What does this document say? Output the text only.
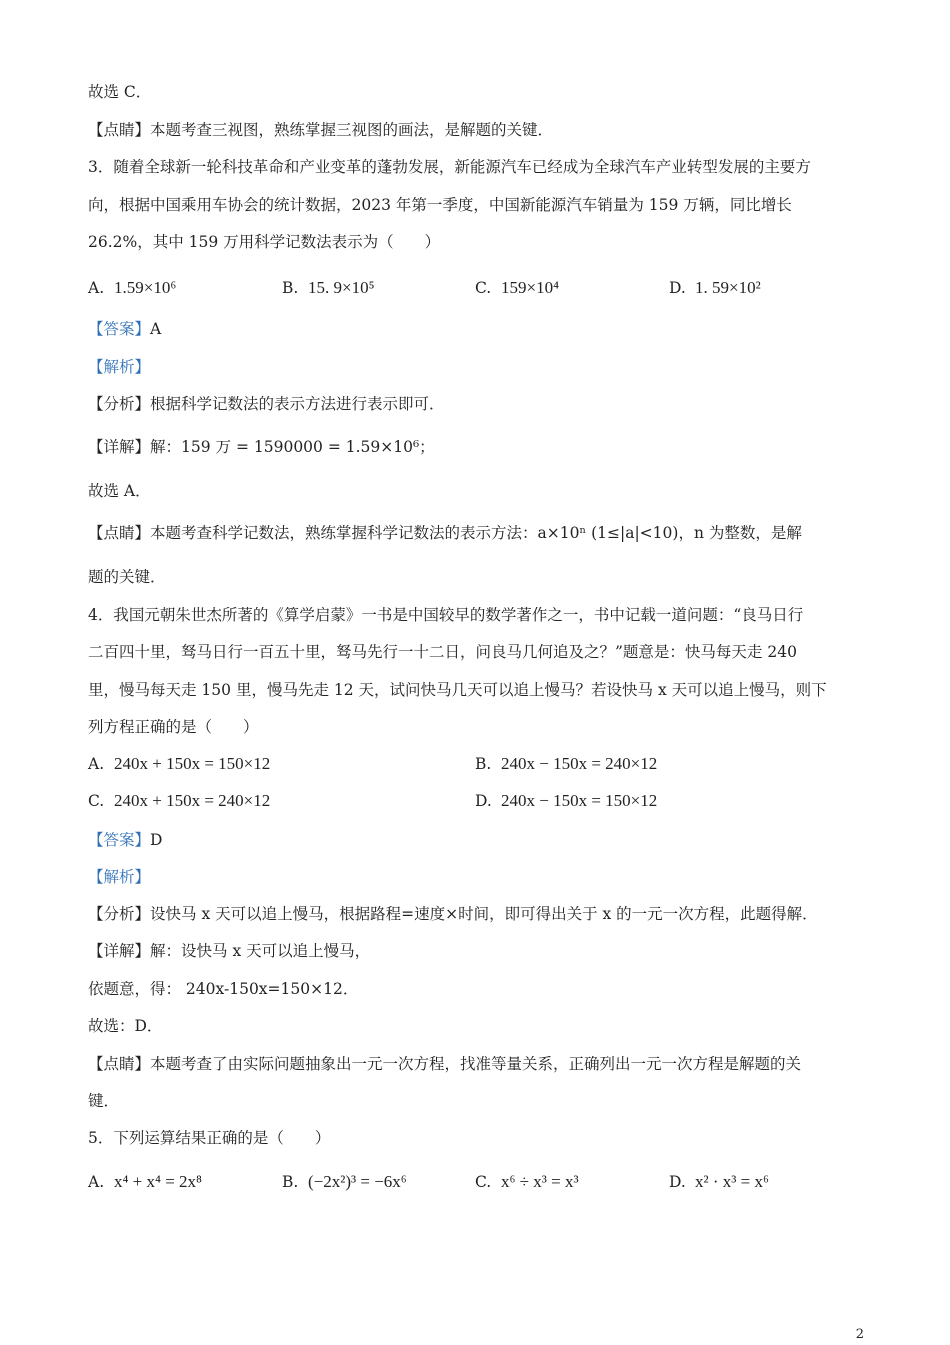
故选 C．
【点睛】本题考查三视图，熟练掌握三视图的画法，是解题的关键．
3．随着全球新一轮科技革命和产业变革的蓬勃发展，新能源汽车已经成为全球汽车产业转型发展的主要方
向，根据中国乘用车协会的统计数据，2023 年第一季度，中国新能源汽车销量为 159 万辆，同比增长
26.2%，其中 159 万用科学记数法表示为（　　）
A. 1.59×10⁶	B. 15. 9×10⁵	C. 159×10⁴	D. 1. 59×10²
【答案】A
【解析】
【分析】根据科学记数法的表示方法进行表示即可．
【详解】解：159 万 = 1590000 = 1.59×10⁶；
故选 A．
【点睛】本题考查科学记数法，熟练掌握科学记数法的表示方法：a×10ⁿ (1≤|a|<10)，n 为整数，是解
题的关键．
4．我国元朝朱世杰所著的《算学启蒙》一书是中国较早的数学著作之一，书中记载一道问题：“良马日行
二百四十里，驽马日行一百五十里，驽马先行一十二日，问良马几何追及之？”题意是：快马每天走 240
里，慢马每天走 150 里，慢马先走 12 天，试问快马几天可以追上慢马？若设快马 x 天可以追上慢马，则下
列方程正确的是（　　）
A. 240x + 150x = 150×12	B. 240x − 150x = 240×12
C. 240x + 150x = 240×12	D. 240x − 150x = 150×12
【答案】D
【解析】
【分析】设快马 x 天可以追上慢马，根据路程=速度×时间，即可得出关于 x 的一元一次方程，此题得解．
【详解】解：设快马 x 天可以追上慢马，
依题意，得： 240x-150x=150×12．
故选：D．
【点睛】本题考查了由实际问题抽象出一元一次方程，找准等量关系，正确列出一元一次方程是解题的关
键．
5．下列运算结果正确的是（　　）
A. x⁴ + x⁴ = 2x⁸	B. (−2x²)³ = −6x⁶	C. x⁶ ÷ x³ = x³	D. x² · x³ = x⁶
2
